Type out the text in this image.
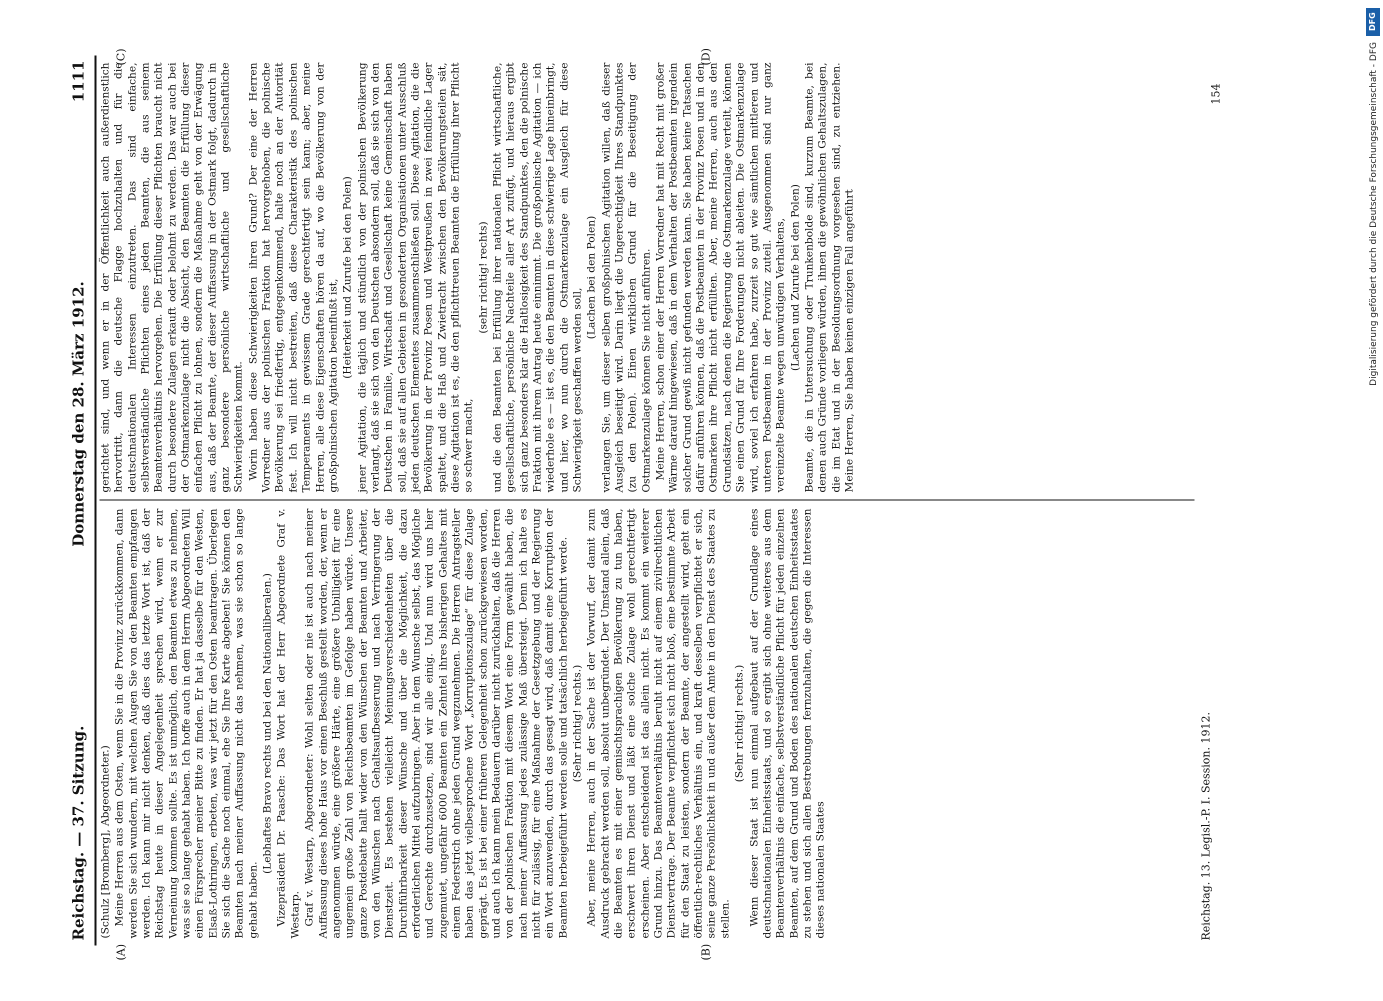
Reichstag. — 37. Sitzung.
Donnerstag den 28. März 1912.
1111
(A)	(B)
(C)	(D)

(Schulz [Bromberg], Abgeordneter.) Meine Herren aus dem Osten, wenn Sie in die Provinz zurückkommen, dann werden Sie sich wundern, mit welchen Augen Sie von den Beamten empfangen werden. Ich kann mir nicht denken, daß dies das letzte Wort ist, daß der Reichstag heute in dieser Angelegenheit sprechen wird, wenn er zur Verneinung kommen sollte. Es ist unmöglich, den Beamten etwas zu nehmen, was sie so lange gehabt haben. Ich hoffe auch in dem Herrn Abgeordneten Will einen Fürsprecher meiner Bitte zu finden. Er hat ja dasselbe für den Westen, Elsaß-Lothringen, erbeten, was wir jetzt für den Osten beantragen. Überlegen Sie sich die Sache noch einmal, ehe Sie Ihre Karte abgeben! Sie können den Beamten nach meiner Auffassung nicht das nehmen, was sie schon so lange gehabt haben.

(Lebhaftes Bravo rechts und bei den Nationalliberalen.) Vizepräsident Dr. Paasche: Das Wort hat der Herr Abgeordnete Graf v. Westarp. Graf v. Westarp, Abgeordneter: Wohl selten oder nie ist auch nach meiner Auffassung dieses hohe Haus vor einen Beschluß gestellt worden, der, wenn er angenommen würde, eine größere Härte, eine größere Unbilligkeit für eine ungemein große Zahl von Reichsbeamten im Gefolge haben würde. Unsere ganze Postdebatte hallt wider von den Wünschen der Beamten und Arbeiter, von den Wünschen nach Gehaltsaufbesserung und nach Verringerung der Dienstzeit. Es bestehen vielleicht Meinungsverschiedenheiten über die Durchführbarkeit dieser Wünsche und über die Möglichkeit, die dazu erforderlichen Mittel aufzubringen. Aber in dem Wunsche selbst, das Mögliche und Gerechte durchzusetzen, sind wir alle einig. Und nun wird uns hier zugemutet, ungefähr 6000 Beamten ein Zehntel ihres bisherigen Gehaltes mit einem Federstrich ohne jeden Grund wegzunehmen. Die Herren Antragsteller haben das jetzt vielbesprochene Wort „Korruptionszulage“ für diese Zulage geprägt. Es ist bei einer früheren Gelegenheit schon zurückgewiesen worden, und auch ich kann mein Bedauern darüber nicht zurückhalten, daß die Herren von der polnischen Fraktion mit diesem Wort eine Form gewählt haben, die nach meiner Auffassung jedes zulässige Maß übersteigt. Denn ich halte es nicht für zulässig, für eine Maßnahme der Gesetzgebung und der Regierung ein Wort anzuwenden, durch das gesagt wird, daß damit eine Korruption der Beamten herbeigeführt werden solle und tatsächlich herbeigeführt werde. (Sehr richtig! rechts.) Aber, meine Herren, auch in der Sache ist der Vorwurf, der damit zum Ausdruck gebracht werden soll, absolut unbegründet. Der Umstand allein, daß die Beamten es mit einer gemischtsprachigen Bevölkerung zu tun haben, erschwert ihren Dienst und läßt eine solche Zulage wohl gerechtfertigt erscheinen. Aber entscheidend ist das allein nicht. Es kommt ein weiterer Grund hinzu. Das Beamtenverhältnis beruht nicht auf einem zivilrechtlichen Dienstvertrage. Der Beamte verpflichtet sich nicht bloß, eine bestimmte Arbeit für den Staat zu leisten, sondern der Beamte, der angestellt wird, geht ein öffentlich-rechtliches Verhältnis ein, und kraft desselben verpflichtet er sich, seine ganze Persönlichkeit in und außer dem Amte in den Dienst des Staates zu stellen.

(Sehr richtig! rechts.) Wenn dieser Staat ist nun einmal aufgebaut auf der Grundlage eines deutschnationalen Einheitsstaats, und so ergibt sich ohne weiteres aus dem Beamtenverhältnis die einfache, selbstverständliche Pflicht für jeden einzelnen Beamten, auf dem Grund und Boden des nationalen deutschen Einheitsstaates zu stehen und sich allen Bestrebungen fernzuhalten, die gegen die Interessen dieses nationalen Staates

gerichtet sind, und wenn er in der Öffentlichkeit auch außerdienstlich hervortritt, dann die deutsche Flagge hochzuhalten und für die deutschnationalen Interessen einzutreten. Das sind einfache, selbstverständliche Pflichten eines jeden Beamten, die aus seinem Beamtenverhältnis hervorgehen. Die Erfüllung dieser Pflichten braucht nicht durch besondere Zulagen erkauft oder belohnt zu werden. Das war auch bei der Ostmarkenzulage nicht die Absicht, den Beamten die Erfüllung dieser einfachen Pflicht zu lohnen, sondern die Maßnahme geht von der Erwägung aus, daß der Beamte, der dieser Auffassung in der Ostmark folgt, dadurch in ganz besondere persönliche wirtschaftliche und gesellschaftliche Schwierigkeiten kommt. Worin haben diese Schwierigkeiten ihren Grund? Der eine der Herren Vorredner aus der polnischen Fraktion hat hervorgehoben, die polnische Bevölkerung sei friedfertig, entgegenkommend, halte noch an der Autorität fest. Ich will nicht bestreiten, daß diese Charakteristik des polnischen Temperaments in gewissem Grade gerechtfertigt sein kann; aber, meine Herren, alle diese Eigenschaften hören da auf, wo die Bevölkerung von der großpolnischen Agitation beeinflußt ist,

(Heiterkeit und Zurufe bei den Polen) jener Agitation, die täglich und stündlich von der polnischen Bevölkerung verlangt, daß sie sich von den Deutschen absondern soll, daß sie sich von den Deutschen in Familie, Wirtschaft und Gesellschaft keine Gemeinschaft haben soll, daß sie auf allen Gebieten in gesonderten Organisationen unter Ausschluß jeden deutschen Elementes zusammenschließen soll. Diese Agitation, die die Bevölkerung in der Provinz Posen und Westpreußen in zwei feindliche Lager spaltet, und die Haß und Zwietracht zwischen den Bevölkerungsteilen sät, diese Agitation ist es, die den pflichttreuen Beamten die Erfüllung ihrer Pflicht so schwer macht,

(sehr richtig! rechts) und die den Beamten bei Erfüllung ihrer nationalen Pflicht wirtschaftliche, gesellschaftliche, persönliche Nachteile aller Art zufügt, und hieraus ergibt sich ganz besonders klar die Haltlosigkeit des Standpunktes, den die polnische Fraktion mit ihrem Antrag heute einnimmt. Die großpolnische Agitation — ich wiederhole es — ist es, die den Beamten in diese schwierige Lage hineinbringt, und hier, wo nun durch die Ostmarkenzulage ein Ausgleich für diese Schwierigkeit geschaffen werden soll,

(Lachen bei den Polen) verlangen Sie, um dieser selben großpolnischen Agitation willen, daß dieser Ausgleich beseitigt wird. Darin liegt die Ungerechtigkeit Ihres Standpunktes (zu den Polen). Einen wirklichen Grund für die Beseitigung der Ostmarkenzulage können Sie nicht anführen. Meine Herren, schon einer der Herren Vorredner hat mit Recht mit großer Wärme darauf hingewiesen, daß in dem Verhalten der Postbeamten irgendein solcher Grund gewiß nicht gefunden werden kann. Sie haben keine Tatsachen dafür anführen können, daß die Postbeamten in der Provinz Posen und in den Ostmarken ihre Pflicht nicht erfüllten. Aber, meine Herren, auch aus den Grundsätzen, nach denen die Regierung die Ostmarkenzulage verteilt, können Sie einen Grund für Ihre Forderungen nicht ableiten. Die Ostmarkenzulage wird, soviel ich erfahren habe, zurzeit so gut wie sämtlichen mittleren und unteren Postbeamten in der Provinz zuteil. Ausgenommen sind nur ganz vereinzelte Beamte wegen unwürdigen Verhaltens, (Lachen und Zurufe bei den Polen) Beamte, die in Untersuchung oder Trunkenbolde sind, kurzum Beamte, bei denen auch Gründe vorliegen würden, ihnen die gewöhnlichen Gehaltszulagen, die im Etat und in der Besoldungsordnung vorgesehen sind, zu entziehen. Meine Herren, Sie haben keinen einzigen Fall angeführt

Reichstag. 13. Legisl.-P. I. Session. 1912.
154
DFG
Digitalisierung gefördert durch die Deutsche Forschungsgemeinschaft - DFG
